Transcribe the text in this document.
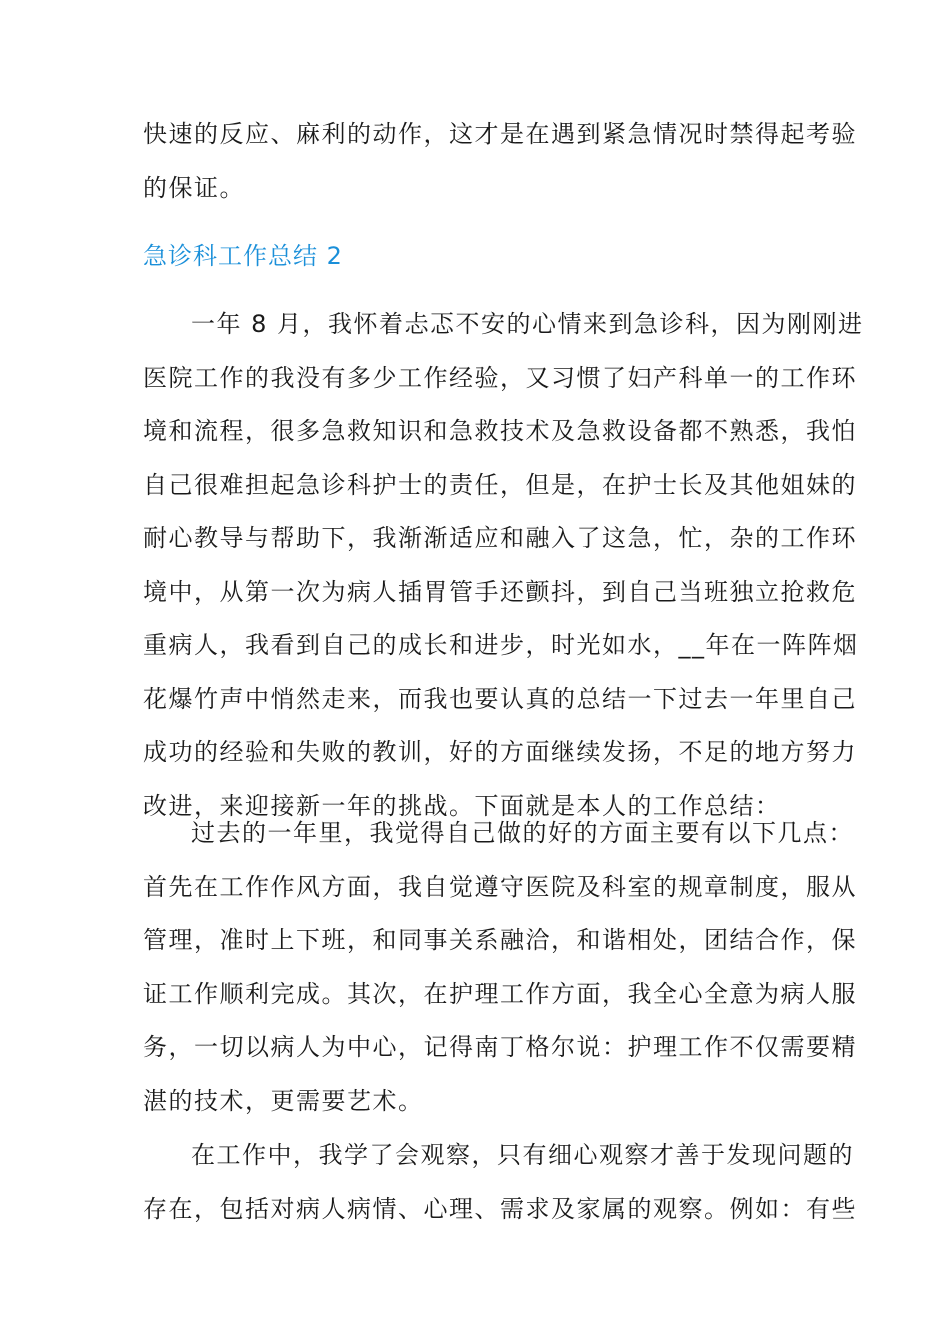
快速的反应、麻利的动作，这才是在遇到紧急情况时禁得起考验
的保证。
急诊科工作总结 2
一年 8 月，我怀着忐忑不安的心情来到急诊科，因为刚刚进
医院工作的我没有多少工作经验，又习惯了妇产科单一的工作环
境和流程，很多急救知识和急救技术及急救设备都不熟悉，我怕
自己很难担起急诊科护士的责任，但是，在护士长及其他姐妹的
耐心教导与帮助下，我渐渐适应和融入了这急，忙，杂的工作环
境中，从第一次为病人插胃管手还颤抖，到自己当班独立抢救危
重病人，我看到自己的成长和进步，时光如水，__年在一阵阵烟
花爆竹声中悄然走来，而我也要认真的总结一下过去一年里自己
成功的经验和失败的教训，好的方面继续发扬，不足的地方努力
改进，来迎接新一年的挑战。下面就是本人的工作总结：
过去的一年里，我觉得自己做的好的方面主要有以下几点：
首先在工作作风方面，我自觉遵守医院及科室的规章制度，服从
管理，准时上下班，和同事关系融洽，和谐相处，团结合作，保
证工作顺利完成。其次，在护理工作方面，我全心全意为病人服
务，一切以病人为中心，记得南丁格尔说：护理工作不仅需要精
湛的技术，更需要艺术。
在工作中，我学了会观察，只有细心观察才善于发现问题的
存在，包括对病人病情、心理、需求及家属的观察。例如：有些
